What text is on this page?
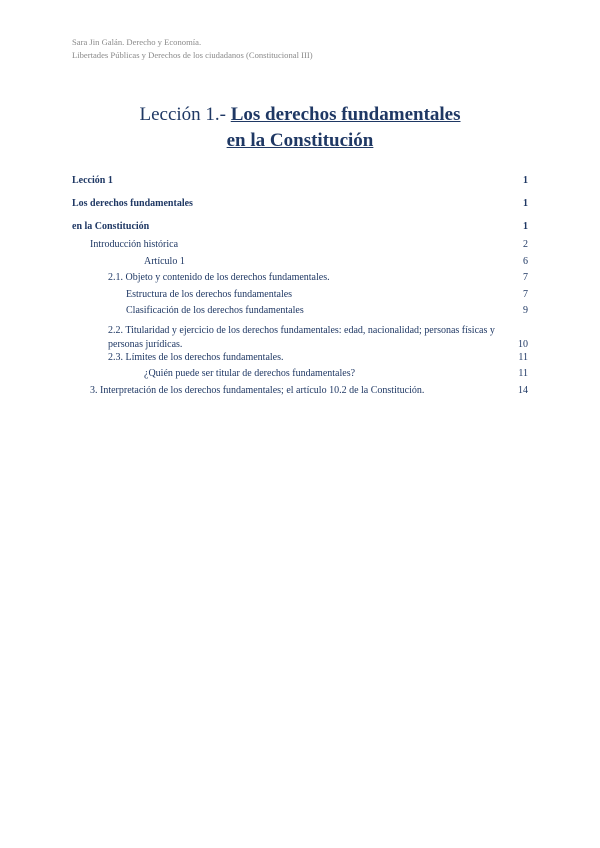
Sara Jin Galán. Derecho y Economía.
Libertades Públicas y Derechos de los ciudadanos (Constitucional III)
Lección 1.- Los derechos fundamentales
en la Constitución
Lección 1	1
Los derechos fundamentales	1
en la Constitución	1
Introducción histórica	2
Artículo 1	6
2.1. Objeto y contenido de los derechos fundamentales.	7
Estructura de los derechos fundamentales	7
Clasificación de los derechos fundamentales	9
2.2. Titularidad y ejercicio de los derechos fundamentales: edad, nacionalidad; personas físicas y personas jurídicas.	10
2.3. Límites de los derechos fundamentales.	11
¿Quién puede ser titular de derechos fundamentales?	11
3. Interpretación de los derechos fundamentales; el artículo 10.2 de la Constitución.	14
